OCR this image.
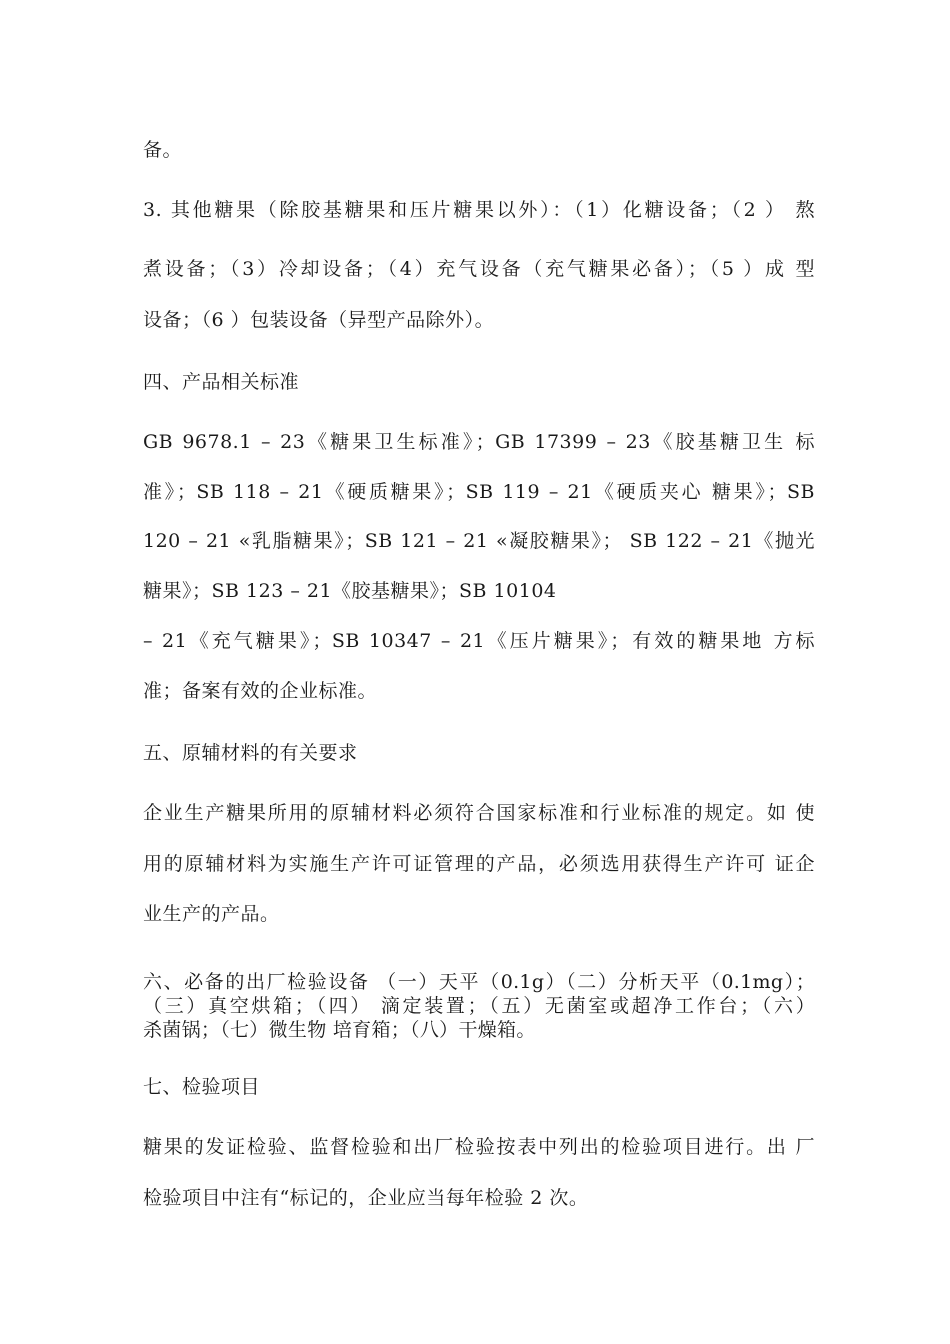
备。
3. 其他糖果（除胶基糖果和压片糖果以外）：（1）化糖设备；（2 ） 熬
煮设备；（3）冷却设备；（4）充气设备（充气糖果必备）；（5 ）成 型
设备；（6 ）包装设备（异型产品除外）。
四、产品相关标准
GB 9678.1 – 23《糖果卫生标准》；GB 17399 – 23《胶基糖卫生 标
准》；SB 118 – 21《硬质糖果》；SB 119 – 21《硬质夹心 糖果》；SB
120 – 21 «乳脂糖果》；SB 121 – 21 «凝胶糖果》； SB 122 – 21《抛光
糖果》；SB 123 – 21《胶基糖果》；SB 10104
– 21《充气糖果》；SB 10347 – 21《压片糖果》；有效的糖果地 方标
准；备案有效的企业标准。
五、原辅材料的有关要求
企业生产糖果所用的原辅材料必须符合国家标准和行业标准的规定。如 使
用的原辅材料为实施生产许可证管理的产品，必须选用获得生产许可 证企
业生产的产品。
六、必备的出厂检验设备 （一）天平（0.1g）（二）分析天平（0.1mg）；
（三）真空烘箱；（四） 滴定装置；（五）无菌室或超净工作台；（六）
杀菌锅；（七）微生物 培育箱；（八）干燥箱。
七、检验项目
糖果的发证检验、监督检验和出厂检验按表中列出的检验项目进行。出 厂
检验项目中注有“标记的，企业应当每年检验 2 次。
